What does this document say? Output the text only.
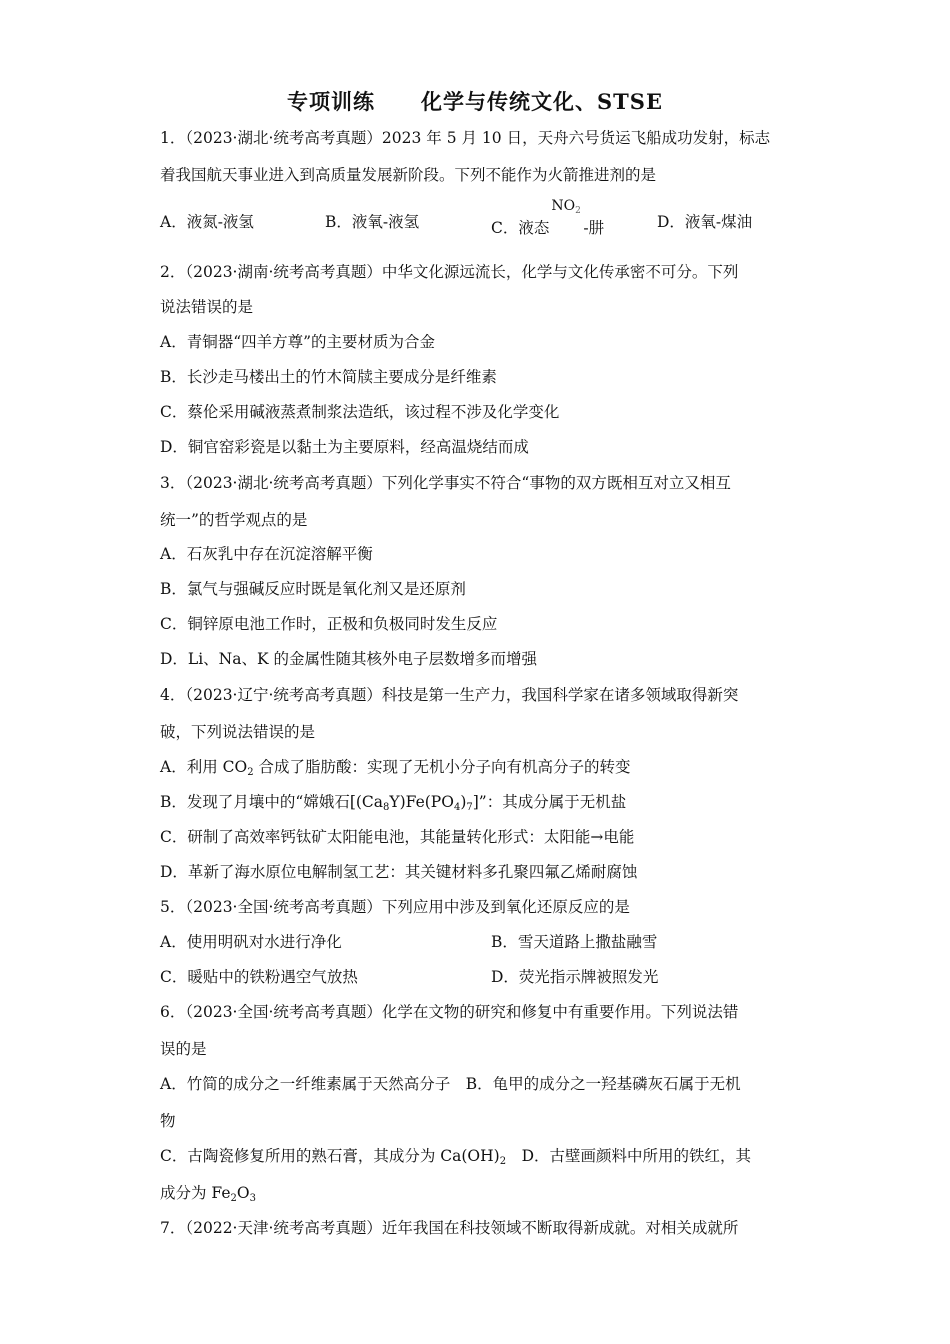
专项训练 化学与传统文化、STSE
1．（2023·湖北·统考高考真题）2023 年 5 月 10 日，天舟六号货运飞船成功发射，标志
着我国航天事业进入到高质量发展新阶段。下列不能作为火箭推进剂的是
A．液氮-液氢	B．液氧-液氢	C．液态
$NO_2$
-肼	D．液氧-煤油
2．（2023·湖南·统考高考真题）中华文化源远流长，化学与文化传承密不可分。下列
说法错误的是
A．青铜器“四羊方尊”的主要材质为合金
B．长沙走马楼出土的竹木简牍主要成分是纤维素
C．蔡伦采用碱液蒸煮制浆法造纸，该过程不涉及化学变化
D．铜官窑彩瓷是以黏土为主要原料，经高温烧结而成
3．（2023·湖北·统考高考真题）下列化学事实不符合“事物的双方既相互对立又相互
统一”的哲学观点的是
A．石灰乳中存在沉淀溶解平衡
B．氯气与强碱反应时既是氧化剂又是还原剂
C．铜锌原电池工作时，正极和负极同时发生反应
D．Li、Na、K 的金属性随其核外电子层数增多而增强
4．（2023·辽宁·统考高考真题）科技是第一生产力，我国科学家在诸多领域取得新突
破，下列说法错误的是
A．利用 $CO_2$ 合成了脂肪酸：实现了无机小分子向有机高分子的转变
B．发现了月壤中的“嫦娥石$[(Ca_8Y)Fe(PO_4)_7]$”：其成分属于无机盐
C．研制了高效率钙钛矿太阳能电池，其能量转化形式：太阳能→电能
D．革新了海水原位电解制氢工艺：其关键材料多孔聚四氟乙烯耐腐蚀
5．（2023·全国·统考高考真题）下列应用中涉及到氧化还原反应的是
A．使用明矾对水进行净化	B．雪天道路上撒盐融雪
C．暖贴中的铁粉遇空气放热	D．荧光指示牌被照发光
6．（2023·全国·统考高考真题）化学在文物的研究和修复中有重要作用。下列说法错
误的是
A．竹简的成分之一纤维素属于天然高分子　B．龟甲的成分之一羟基磷灰石属于无机
物
C．古陶瓷修复所用的熟石膏，其成分为 $Ca(OH)_2$　D．古壁画颜料中所用的铁红，其
成分为 $Fe_2O_3$
7．（2022·天津·统考高考真题）近年我国在科技领域不断取得新成就。对相关成就所
